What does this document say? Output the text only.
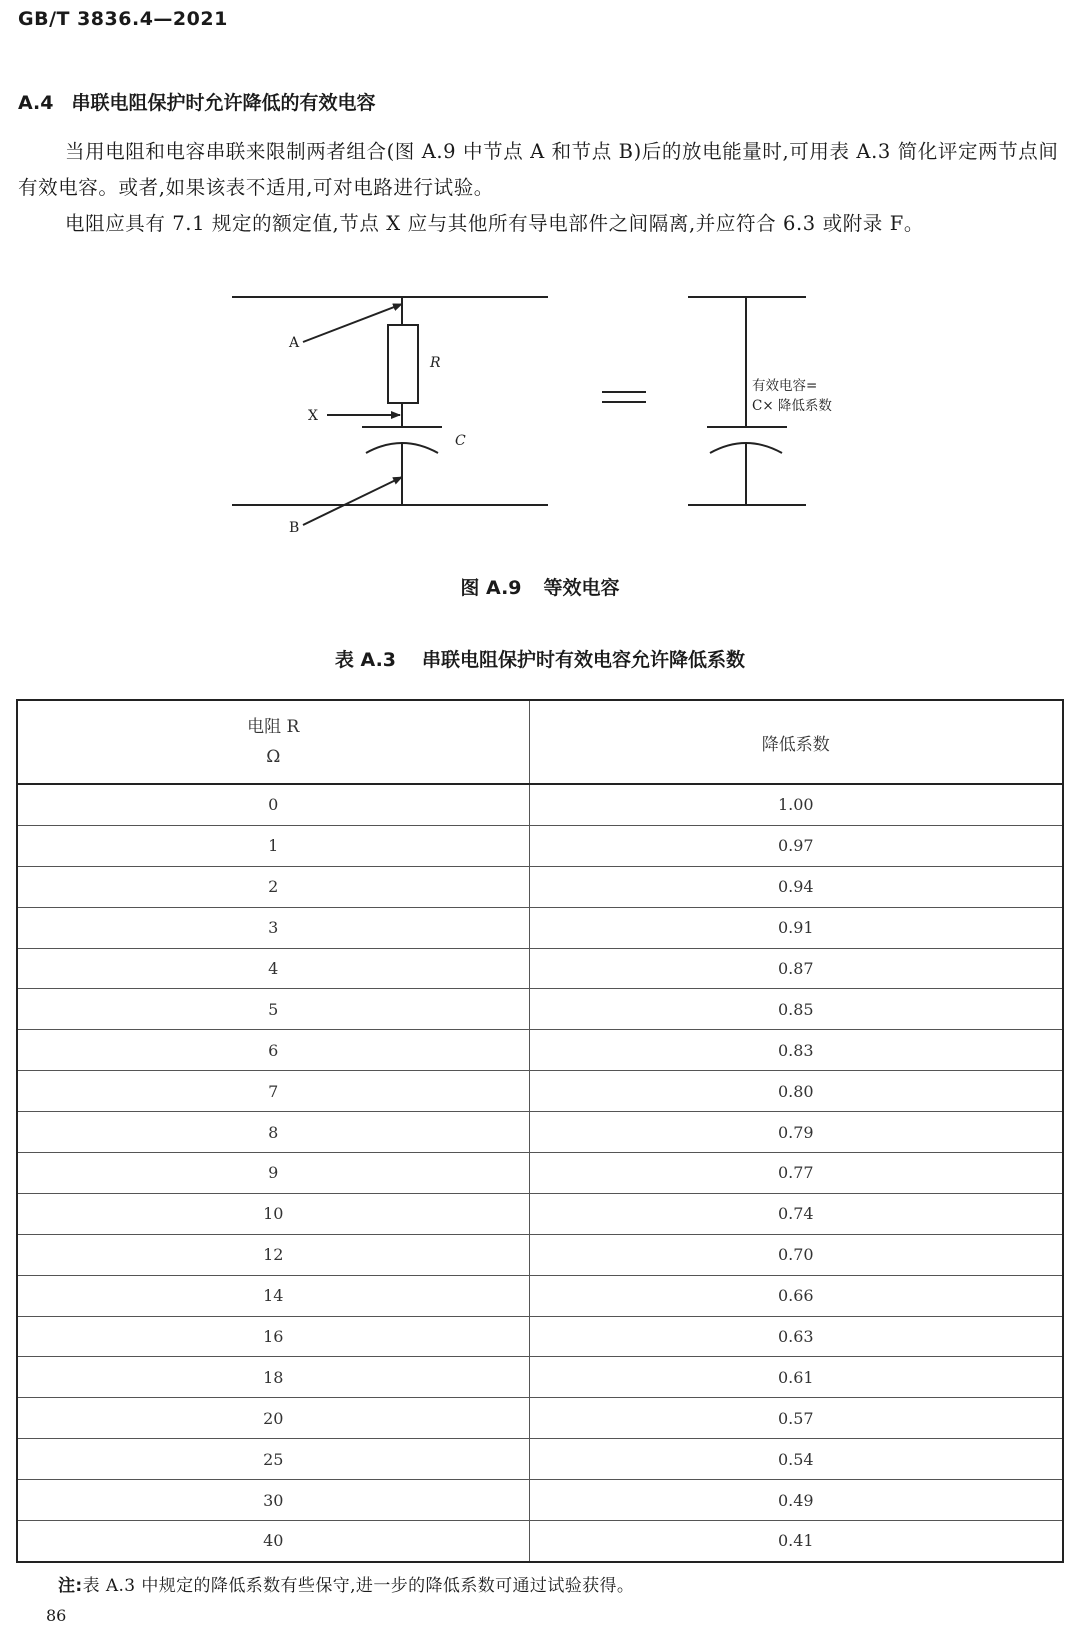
GB/T 3836.4—2021
A.4 串联电阻保护时允许降低的有效电容
当用电阻和电容串联来限制两者组合(图 A.9 中节点 A 和节点 B)后的放电能量时,可用表 A.3 简化评定两节点间有效电容。或者,如果该表不适用,可对电路进行试验。
电阻应具有 7.1 规定的额定值,节点 X 应与其他所有导电部件之间隔离,并应符合 6.3 或附录 F。
A
R
X
C
B
有效电容=
C× 降低系数
图 A.9 等效电容
表 A.3 串联电阻保护时有效电容允许降低系数
电阻 R
Ω	降低系数
0	1.00
1	0.97
2	0.94
3	0.91
4	0.87
5	0.85
6	0.83
7	0.80
8	0.79
9	0.77
10	0.74
12	0.70
14	0.66
16	0.63
18	0.61
20	0.57
25	0.54
30	0.49
40	0.41
注:表 A.3 中规定的降低系数有些保守,进一步的降低系数可通过试验获得。
86
